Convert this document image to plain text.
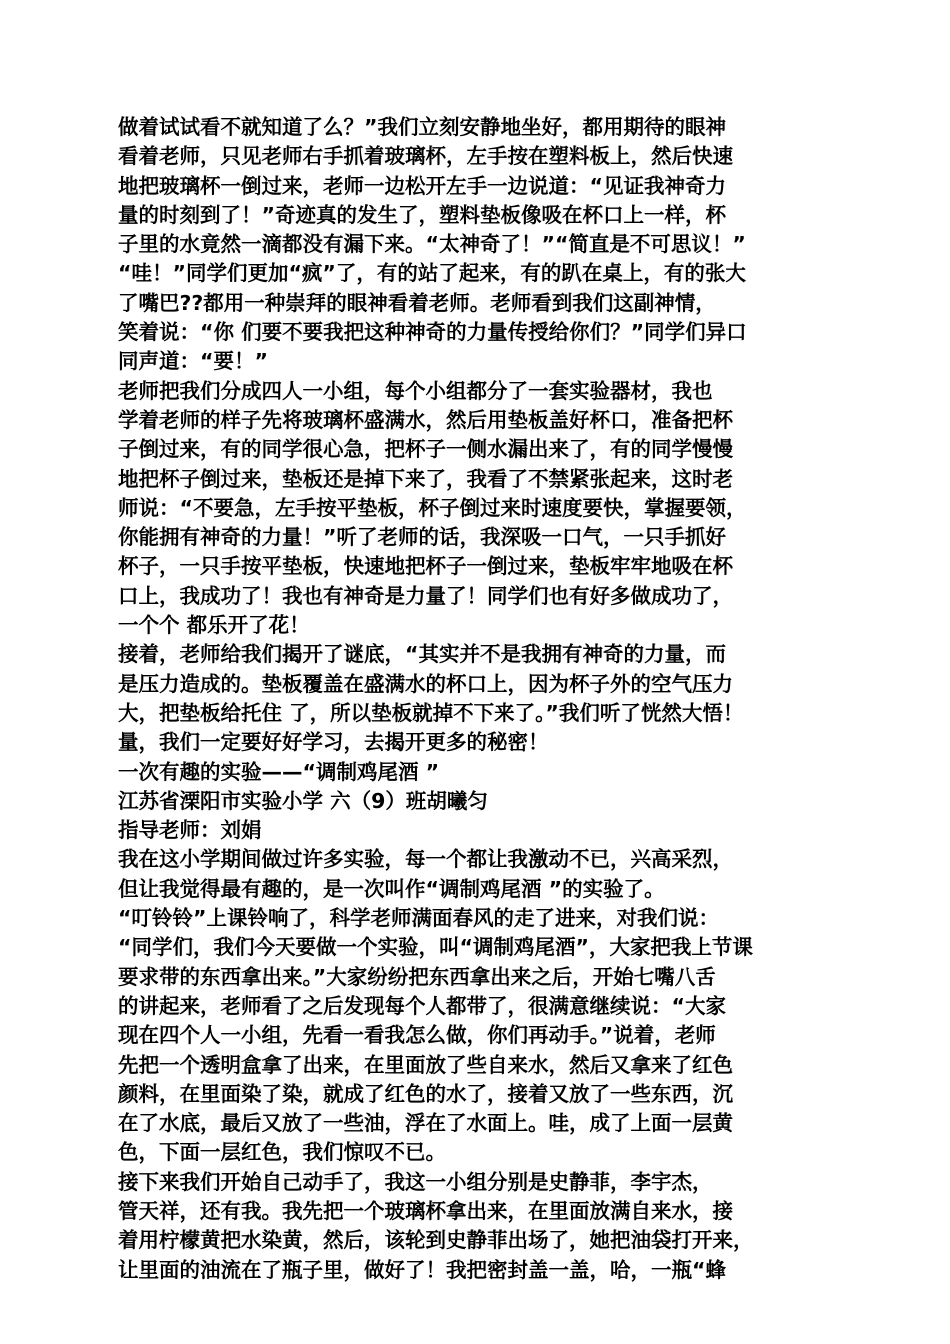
做着试试看不就知道了么？”我们立刻安静地坐好，都用期待的眼神
看着老师，只见老师右手抓着玻璃杯，左手按在塑料板上，然后快速
地把玻璃杯一倒过来，老师一边松开左手一边说道：“见证我神奇力
量的时刻到了！”奇迹真的发生了，塑料垫板像吸在杯口上一样，杯
子里的水竟然一滴都没有漏下来。“太神奇了！”“简直是不可思议！”
“哇！”同学们更加“疯”了，有的站了起来，有的趴在桌上，有的张大
了嘴巴??都用一种崇拜的眼神看着老师。老师看到我们这副神情，
笑着说：“你 们要不要我把这种神奇的力量传授给你们？”同学们异口
同声道：“要！”
老师把我们分成四人一小组，每个小组都分了一套实验器材，我也
学着老师的样子先将玻璃杯盛满水，然后用垫板盖好杯口，准备把杯
子倒过来，有的同学很心急，把杯子一侧水漏出来了，有的同学慢慢
地把杯子倒过来，垫板还是掉下来了，我看了不禁紧张起来，这时老
师说：“不要急，左手按平垫板，杯子倒过来时速度要快，掌握要领，
你能拥有神奇的力量！”听了老师的话，我深吸一口气，一只手抓好
杯子，一只手按平垫板，快速地把杯子一倒过来，垫板牢牢地吸在杯
口上，我成功了！我也有神奇是力量了！同学们也有好多做成功了，
一个个 都乐开了花！
接着，老师给我们揭开了谜底，“其实并不是我拥有神奇的力量，而
是压力造成的。垫板覆盖在盛满水的杯口上，因为杯子外的空气压力
大，把垫板给托住 了，所以垫板就掉不下来了。”我们听了恍然大悟！
量，我们一定要好好学习，去揭开更多的秘密！
一次有趣的实验——“调制鸡尾酒 ”
江苏省溧阳市实验小学 六（9）班胡曦匀
指导老师：刘娟
我在这小学期间做过许多实验，每一个都让我激动不已，兴高采烈，
但让我觉得最有趣的，是一次叫作“调制鸡尾酒 ”的实验了。
“叮铃铃”上课铃响了，科学老师满面春风的走了进来，对我们说：
“同学们，我们今天要做一个实验，叫“调制鸡尾酒”，大家把我上节课
要求带的东西拿出来。”大家纷纷把东西拿出来之后，开始七嘴八舌
的讲起来，老师看了之后发现每个人都带了，很满意继续说：“大家
现在四个人一小组，先看一看我怎么做，你们再动手。”说着，老师
先把一个透明盒拿了出来，在里面放了些自来水，然后又拿来了红色
颜料，在里面染了染，就成了红色的水了，接着又放了一些东西，沉
在了水底，最后又放了一些油，浮在了水面上。哇，成了上面一层黄
色，下面一层红色，我们惊叹不已。
接下来我们开始自己动手了，我这一小组分别是史静菲，李宇杰，
管天祥，还有我。我先把一个玻璃杯拿出来，在里面放满自来水，接
着用柠檬黄把水染黄，然后，该轮到史静菲出场了，她把油袋打开来，
让里面的油流在了瓶子里，做好了！我把密封盖一盖，哈，一瓶“蜂
